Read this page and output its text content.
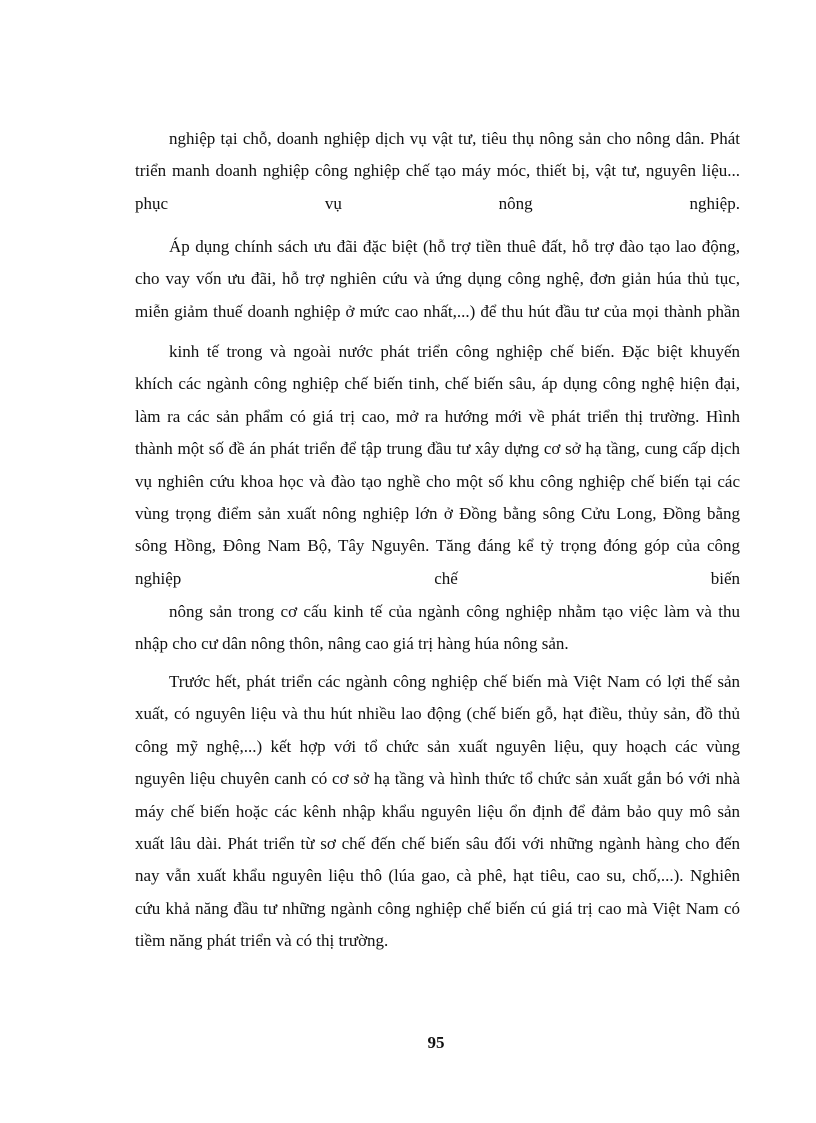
nghiệp tại chỗ, doanh nghiệp dịch vụ vật tư, tiêu thụ nông sản cho nông dân. Phát
triển manh doanh nghiệp công nghiệp chế tạo máy móc, thiết bị, vật tư, nguyên liệu...
phục	vụ	nông	nghiệp.
Áp dụng chính sách ưu đãi đặc biệt (hỗ trợ tiền thuê đất, hỗ trợ đào tạo lao động,
cho vay vốn ưu đãi, hỗ trợ nghiên cứu và ứng dụng công nghệ, đơn giản húa thủ tục,
miễn giảm thuế doanh nghiệp ở mức cao nhất,...) để thu hút đầu tư của mọi thành phần
kinh tế trong và ngoài nước phát triển công nghiệp chế biến. Đặc biệt khuyến
khích các ngành công nghiệp chế biến tinh, chế biến sâu, áp dụng công nghệ hiện đại,
làm ra các sản phẩm có giá trị cao, mở ra hướng mới về phát triển thị trường. Hình
thành một số đề án phát triển để tập trung đầu tư xây dựng cơ sở hạ tầng, cung cấp dịch
vụ nghiên cứu khoa học và đào tạo nghề cho một số khu công nghiệp chế biến tại các
vùng trọng điểm sản xuất nông nghiệp lớn ở Đồng bằng sông Cửu Long, Đồng bằng
sông Hồng, Đông Nam Bộ, Tây Nguyên. Tăng đáng kể tỷ trọng đóng góp của công
nghiệp	chế	biến
nông sản trong cơ cấu kinh tế của ngành công nghiệp nhằm tạo việc làm và thu
nhập cho cư dân nông thôn, nâng cao giá trị hàng húa nông sản.
Trước hết, phát triển các ngành công nghiệp chế biến mà Việt Nam có lợi thế sản
xuất, có nguyên liệu và thu hút nhiều lao động (chế biến gỗ, hạt điều, thủy sản, đồ thủ
công mỹ nghệ,...) kết hợp với tổ chức sản xuất nguyên liệu, quy hoạch các vùng
nguyên liệu chuyên canh có cơ sở hạ tầng và hình thức tổ chức sản xuất gắn bó với nhà
máy chế biến hoặc các kênh nhập khẩu nguyên liệu ổn định để đảm bảo quy mô sản
xuất lâu dài. Phát triển từ sơ chế đến chế biến sâu đối với những ngành hàng cho đến
nay vẫn xuất khẩu nguyên liệu thô (lúa gao, cà phê, hạt tiêu, cao su, chố,...). Nghiên
cứu khả năng đầu tư những ngành công nghiệp chế biến cú giá trị cao mà Việt Nam có
tiềm năng phát triển và có thị trường.
95
